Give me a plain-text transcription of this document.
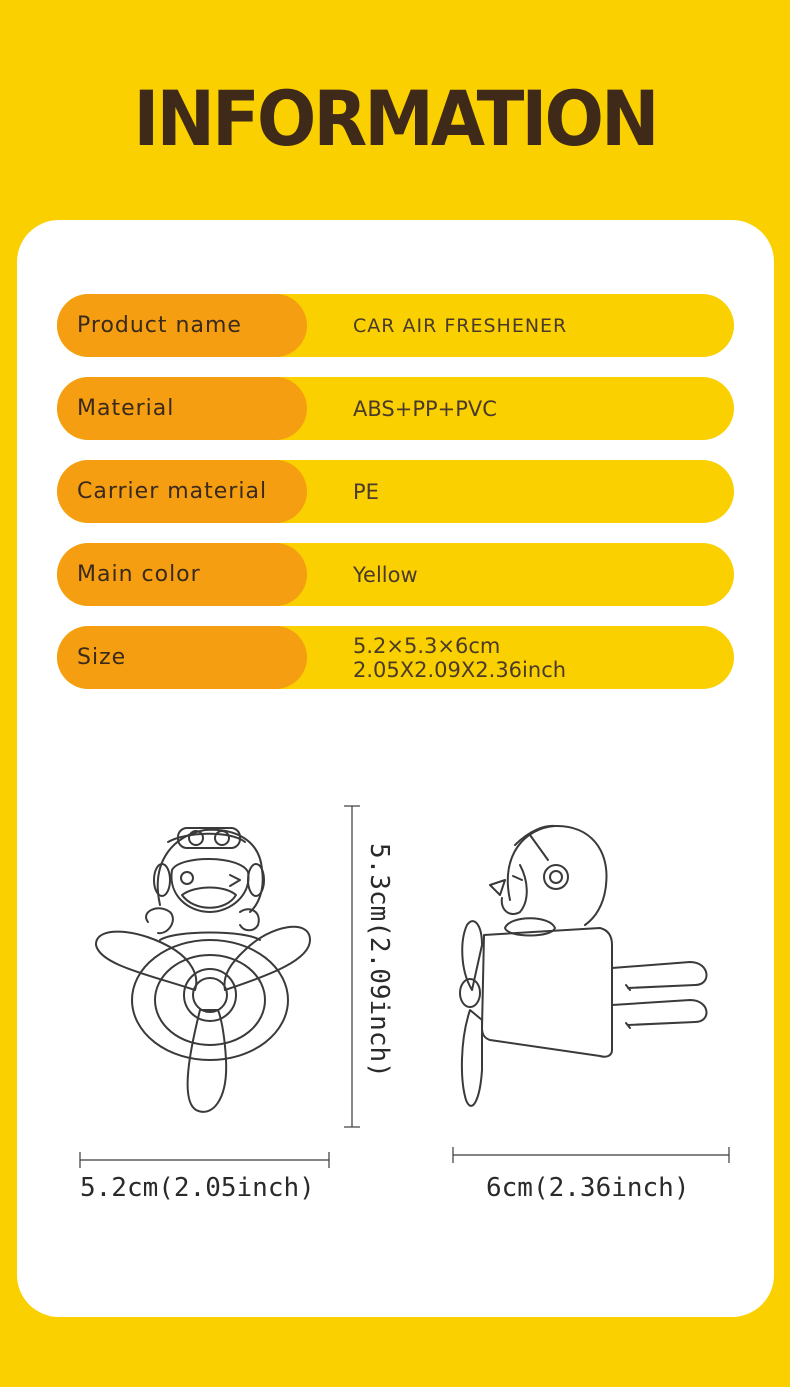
INFORMATION
Product name	CAR AIR FRESHENER
Material	ABS+PP+PVC
Carrier material	PE
Main color	Yellow
Size	5.2×5.3×6cm
2.05X2.09X2.36inch
5.3cm(2.09inch)
5.2cm(2.05inch)	6cm(2.36inch)
